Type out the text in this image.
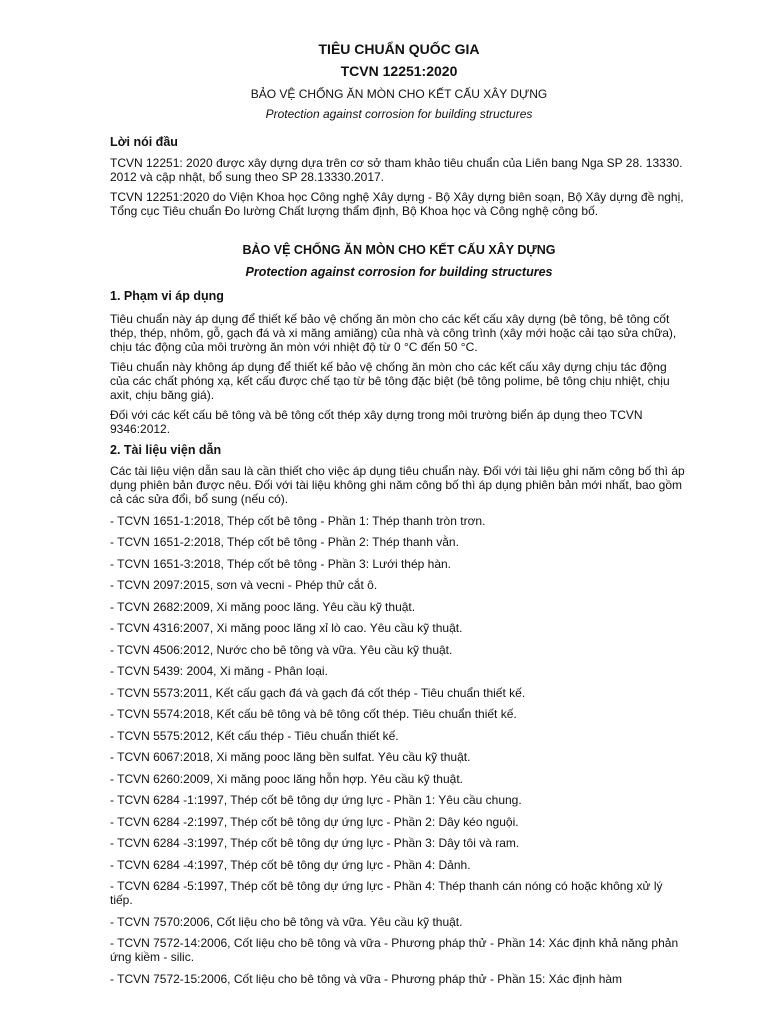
TIÊU CHUẨN QUỐC GIA

TCVN 12251:2020

BẢO VỆ CHỐNG ĂN MÒN CHO KẾT CẤU XÂY DỰNG

Protection against corrosion for building structures

Lời nói đầu

TCVN 12251: 2020 được xây dựng dựa trên cơ sở tham khảo tiêu chuẩn của Liên bang Nga SP 28. 13330. 2012 và cập nhật, bổ sung theo SP 28.13330.2017.

TCVN 12251:2020 do Viện Khoa học Công nghệ Xây dựng - Bộ Xây dựng biên soạn, Bộ Xây dựng đề nghị, Tổng cục Tiêu chuẩn Đo lường Chất lượng thẩm định, Bộ Khoa học và Công nghệ công bố.

BẢO VỆ CHỐNG ĂN MÒN CHO KẾT CẤU XÂY DỰNG

Protection against corrosion for building structures

1. Phạm vi áp dụng

Tiêu chuẩn này áp dụng để thiết kế bảo vệ chống ăn mòn cho các kết cấu xây dựng (bê tông, bê tông cốt thép, thép, nhôm, gỗ, gạch đá và xi măng amiăng) của nhà và công trình (xây mới hoặc cải tạo sửa chữa), chịu tác động của môi trường ăn mòn với nhiệt độ từ 0 °C đến 50 °C.

Tiêu chuẩn này không áp dụng để thiết kế bảo vệ chống ăn mòn cho các kết cấu xây dựng chịu tác động của các chất phóng xạ, kết cấu được chế tạo từ bê tông đặc biệt (bê tông polime, bê tông chịu nhiệt, chịu axit, chịu băng giá).

Đối với các kết cấu bê tông và bê tông cốt thép xây dựng trong môi trường biển áp dụng theo TCVN 9346:2012.

2. Tài liệu viện dẫn

Các tài liệu viện dẫn sau là cần thiết cho việc áp dụng tiêu chuẩn này. Đối với tài liệu ghi năm công bố thì áp dụng phiên bản được nêu. Đối với tài liệu không ghi năm công bố thì áp dụng phiên bản mới nhất, bao gồm cả các sửa đổi, bổ sung (nếu có).

- TCVN 1651-1:2018, Thép cốt bê tông - Phần 1: Thép thanh tròn trơn.
- TCVN 1651-2:2018, Thép cốt bê tông - Phần 2: Thép thanh vằn.
- TCVN 1651-3:2018, Thép cốt bê tông - Phần 3: Lưới thép hàn.
- TCVN 2097:2015, sơn và vecni - Phép thử cắt ô.
- TCVN 2682:2009, Xi măng pooc lăng. Yêu cầu kỹ thuật.
- TCVN 4316:2007, Xi măng pooc lăng xỉ lò cao. Yêu cầu kỹ thuật.
- TCVN 4506:2012, Nước cho bê tông và vữa. Yêu cầu kỹ thuật.
- TCVN 5439: 2004, Xi măng - Phân loại.
- TCVN 5573:2011, Kết cấu gạch đá và gạch đá cốt thép - Tiêu chuẩn thiết kế.
- TCVN 5574:2018, Kết cấu bê tông và bê tông cốt thép. Tiêu chuẩn thiết kế.
- TCVN 5575:2012, Kết cấu thép - Tiêu chuẩn thiết kế.
- TCVN 6067:2018, Xi măng pooc lăng bền sulfat. Yêu cầu kỹ thuật.
- TCVN 6260:2009, Xi măng pooc lăng hỗn hợp. Yêu cầu kỹ thuật.
- TCVN 6284 -1:1997, Thép cốt bê tông dự ứng lực - Phần 1: Yêu cầu chung.
- TCVN 6284 -2:1997, Thép cốt bê tông dự ứng lực - Phần 2: Dây kéo nguội.
- TCVN 6284 -3:1997, Thép cốt bê tông dự ứng lực - Phần 3: Dây tôi và ram.
- TCVN 6284 -4:1997, Thép cốt bê tông dự ứng lực - Phần 4: Dảnh.
- TCVN 6284 -5:1997, Thép cốt bê tông dự ứng lực - Phần 4: Thép thanh cán nóng có hoặc không xử lý tiếp.
- TCVN 7570:2006, Cốt liệu cho bê tông và vữa. Yêu cầu kỹ thuật.
- TCVN 7572-14:2006, Cốt liệu cho bê tông và vữa - Phương pháp thử - Phần 14: Xác định khả năng phản ứng kiềm - silic.
- TCVN 7572-15:2006, Cốt liệu cho bê tông và vữa - Phương pháp thử - Phần 15: Xác định hàm
